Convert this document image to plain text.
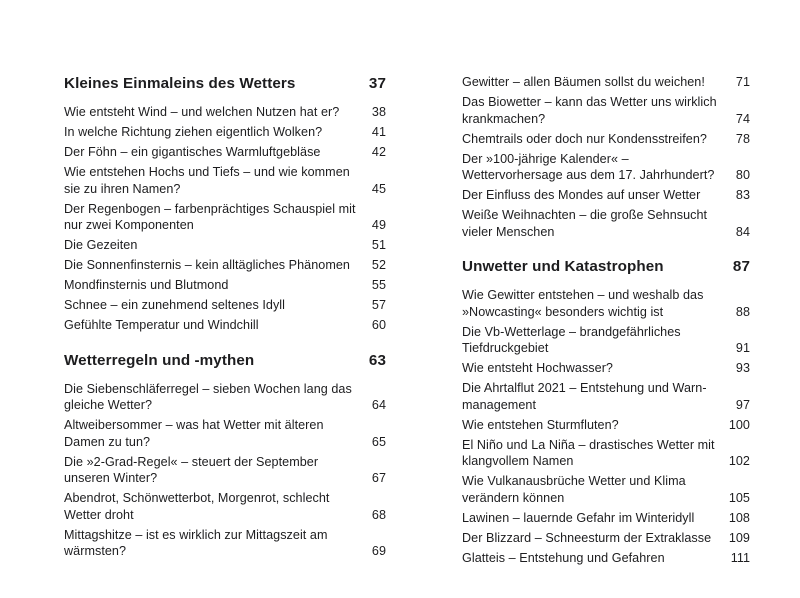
Kleines Einmaleins des Wetters	37
Wie entsteht Wind – und welchen Nutzen hat er?	38
In welche Richtung ziehen eigentlich Wolken?	41
Der Föhn – ein gigantisches Warmluftgebläse	42
Wie entstehen Hochs und Tiefs – und wie kommen sie zu ihren Namen?	45
Der Regenbogen – farbenprächtiges Schauspiel mit nur zwei Komponenten	49
Die Gezeiten	51
Die Sonnenfinsternis – kein alltägliches Phänomen	52
Mondfinsternis und Blutmond	55
Schnee – ein zunehmend seltenes Idyll	57
Gefühlte Temperatur und Windchill	60
Wetterregeln und -mythen	63
Die Siebenschläferregel – sieben Wochen lang das gleiche Wetter?	64
Altweibersommer – was hat Wetter mit älteren Damen zu tun?	65
Die »2-Grad-Regel« – steuert der September unseren Winter?	67
Abendrot, Schönwetterbot, Morgenrot, schlecht Wetter droht	68
Mittagshitze – ist es wirklich zur Mittagszeit am wärmsten?	69
Gewitter – allen Bäumen sollst du weichen!	71
Das Biowetter – kann das Wetter uns wirklich krankmachen?	74
Chemtrails oder doch nur Kondensstreifen?	78
Der »100-jährige Kalender« – Wettervorhersage aus dem 17. Jahrhundert?	80
Der Einfluss des Mondes auf unser Wetter	83
Weiße Weihnachten – die große Sehnsucht vieler Menschen	84
Unwetter und Katastrophen	87
Wie Gewitter entstehen – und weshalb das »Nowcasting« besonders wichtig ist	88
Die Vb-Wetterlage – brandgefährliches Tiefdruckgebiet	91
Wie entsteht Hochwasser?	93
Die Ahrtalflut 2021 – Entstehung und Warnmanagement	97
Wie entstehen Sturmfluten?	100
El Niño und La Niña – drastisches Wetter mit klangvollem Namen	102
Wie Vulkanausbrüche Wetter und Klima verändern können	105
Lawinen – lauernde Gefahr im Winteridyll	108
Der Blizzard – Schneesturm der Extraklasse	109
Glatteis – Entstehung und Gefahren	111
